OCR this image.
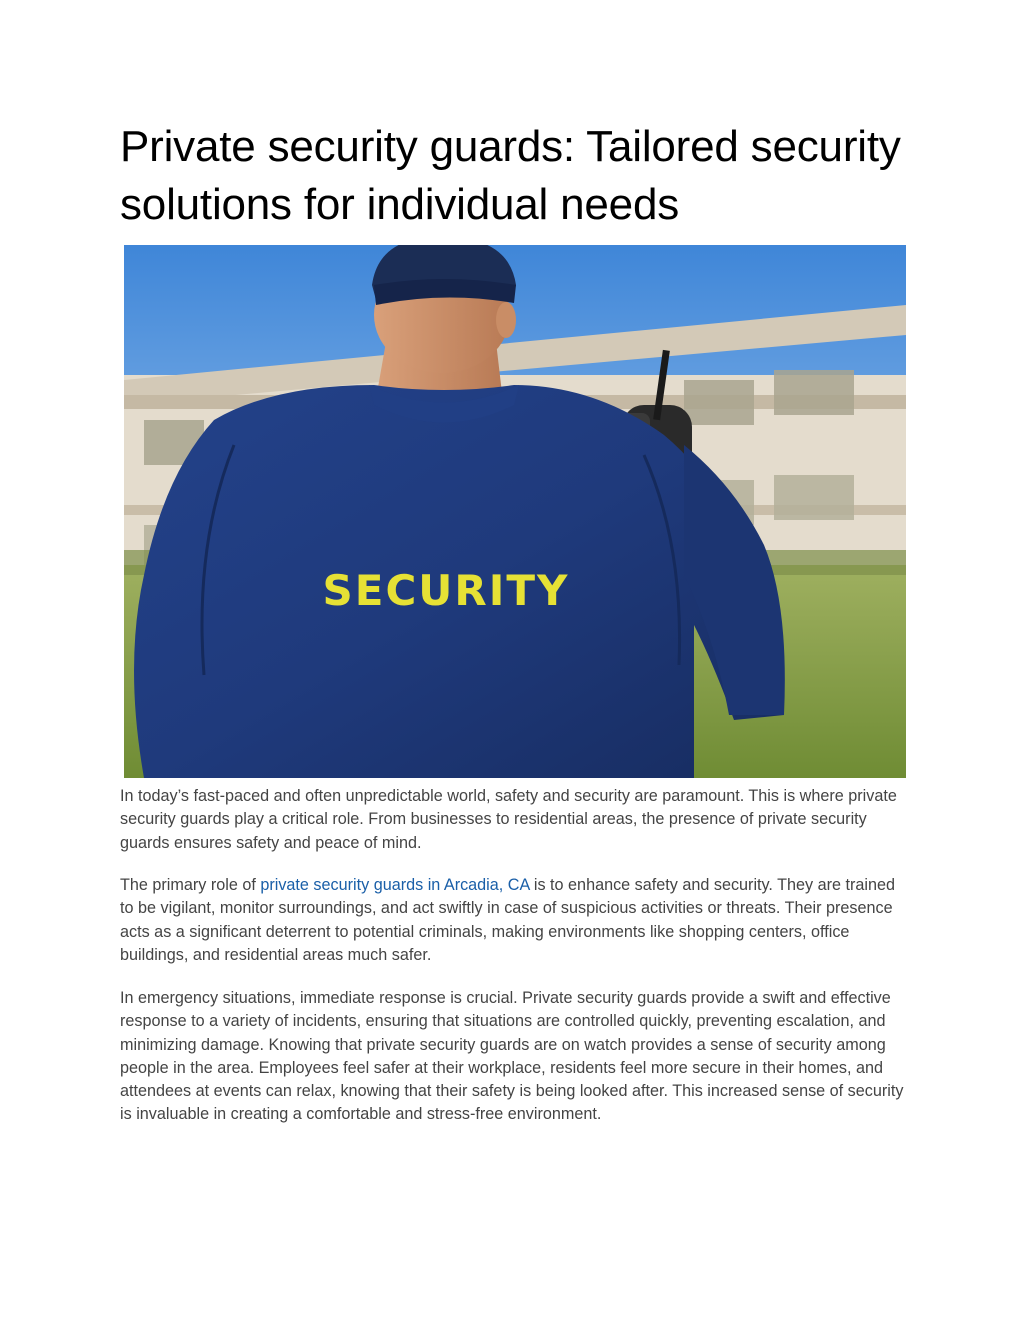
Private security guards: Tailored security solutions for individual needs
SECURITY

In today’s fast-paced and often unpredictable world, safety and security are paramount. This is where private security guards play a critical role. From businesses to residential areas, the presence of private security guards ensures safety and peace of mind.

The primary role of private security guards in Arcadia, CA is to enhance safety and security. They are trained to be vigilant, monitor surroundings, and act swiftly in case of suspicious activities or threats. Their presence acts as a significant deterrent to potential criminals, making environments like shopping centers, office buildings, and residential areas much safer.

In emergency situations, immediate response is crucial. Private security guards provide a swift and effective response to a variety of incidents, ensuring that situations are controlled quickly, preventing escalation, and minimizing damage. Knowing that private security guards are on watch provides a sense of security among people in the area. Employees feel safer at their workplace, residents feel more secure in their homes, and attendees at events can relax, knowing that their safety is being looked after. This increased sense of security is invaluable in creating a comfortable and stress-free environment.
